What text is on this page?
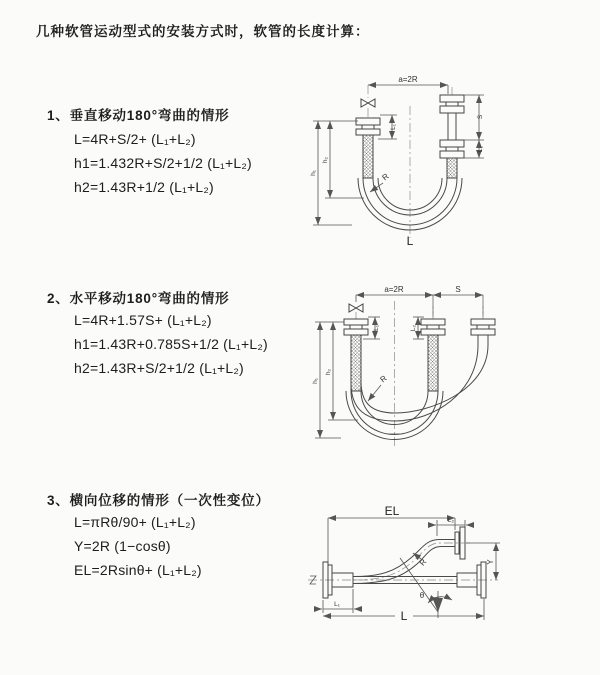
几种软管运动型式的安装方式时，软管的长度计算：
1、垂直移动180°弯曲的情形
L=4R+S/2+ (L₁+L₂)
h1=1.432R+S/2+1/2 (L₁+L₂)
h2=1.43R+1/2 (L₁+L₂)
2、水平移动180°弯曲的情形
L=4R+1.57S+ (L₁+L₂)
h1=1.43R+0.785S+1/2 (L₁+L₂)
h2=1.43R+S/2+1/2 (L₁+L₂)
3、横向位移的情形（一次性变位）
L=πRθ/90+ (L₁+L₂)
Y=2R (1−cosθ)
EL=2Rsinθ+ (L₁+L₂)
a=2R
h₁
h₂
L₁
S
L₂
R
L
a=2R	S
h₁
h₂
L₁	L₂
R
EL
L₂
L₁
L
Y
R
θ
